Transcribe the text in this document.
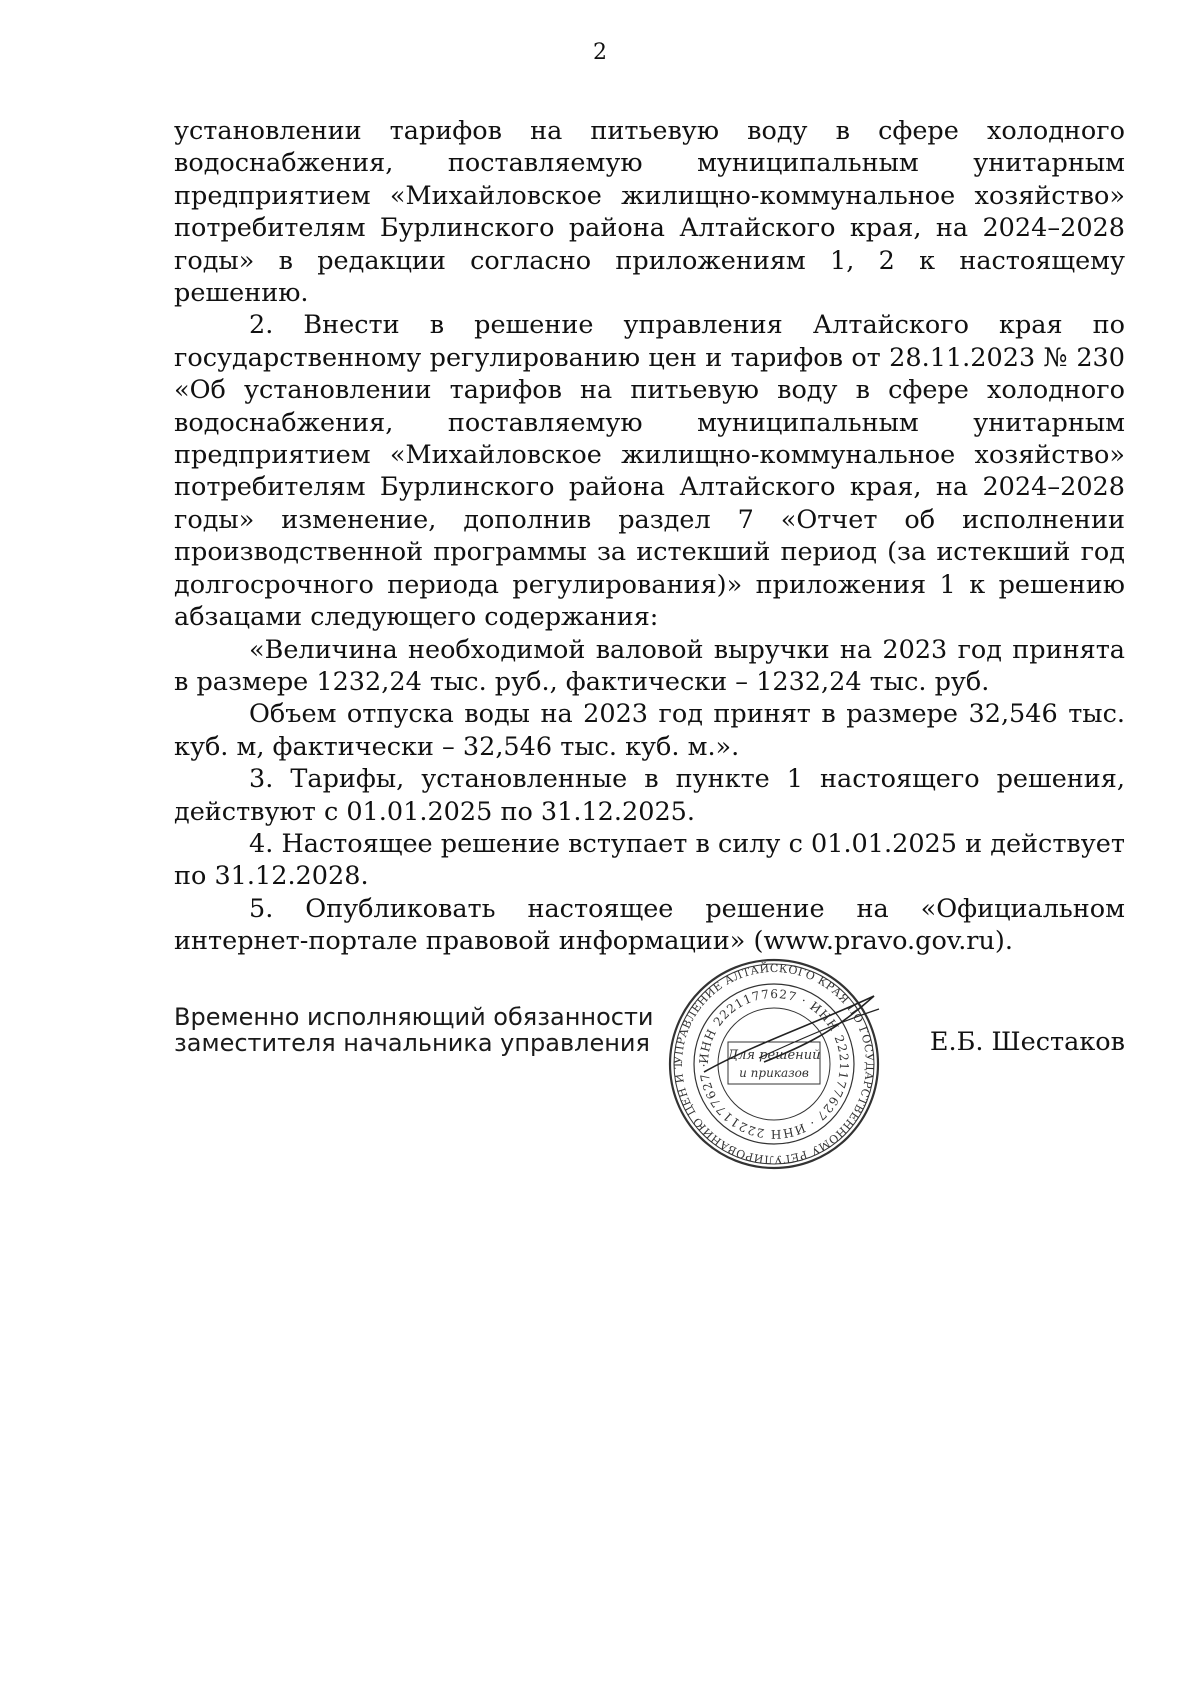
2

установлении тарифов на питьевую воду в сфере холодного водоснабжения, поставляемую муниципальным унитарным предприятием «Михайловское жилищно-коммунальное хозяйство» потребителям Бурлинского района Алтайского края, на 2024–2028 годы» в редакции согласно приложениям 1, 2 к настоящему решению.

2. Внести в решение управления Алтайского края по государственному регулированию цен и тарифов от 28.11.2023 № 230 «Об установлении тарифов на питьевую воду в сфере холодного водоснабжения, поставляемую муниципальным унитарным предприятием «Михайловское жилищно-коммунальное хозяйство» потребителям Бурлинского района Алтайского края, на 2024–2028 годы» изменение, дополнив раздел 7 «Отчет об исполнении производственной программы за истекший период (за истекший год долгосрочного периода регулирования)» приложения 1 к решению абзацами следующего содержания:

«Величина необходимой валовой выручки на 2023 год принята в размере 1232,24 тыс. руб., фактически – 1232,24 тыс. руб.

Объем отпуска воды на 2023 год принят в размере 32,546 тыс. куб. м, фактически – 32,546 тыс. куб. м.».

3. Тарифы, установленные в пункте 1 настоящего решения, действуют с 01.01.2025 по 31.12.2025.

4. Настоящее решение вступает в силу с 01.01.2025 и действует по 31.12.2028.

5. Опубликовать настоящее решение на «Официальном интернет-портале правовой информации» (www.pravo.gov.ru).

Временно исполняющий обязанности
заместителя начальника управления
УПРАВЛЕНИЕ АЛТАЙСКОГО КРАЯ ПО ГОСУДАРСТВЕННОМУ РЕГУЛИРОВАНИЮ ЦЕН И Т
ИНН 2221177627 · ИНН 2221177627 · ИНН 2221177627 ·
Для решений
и приказов
Е.Б. Шестаков
